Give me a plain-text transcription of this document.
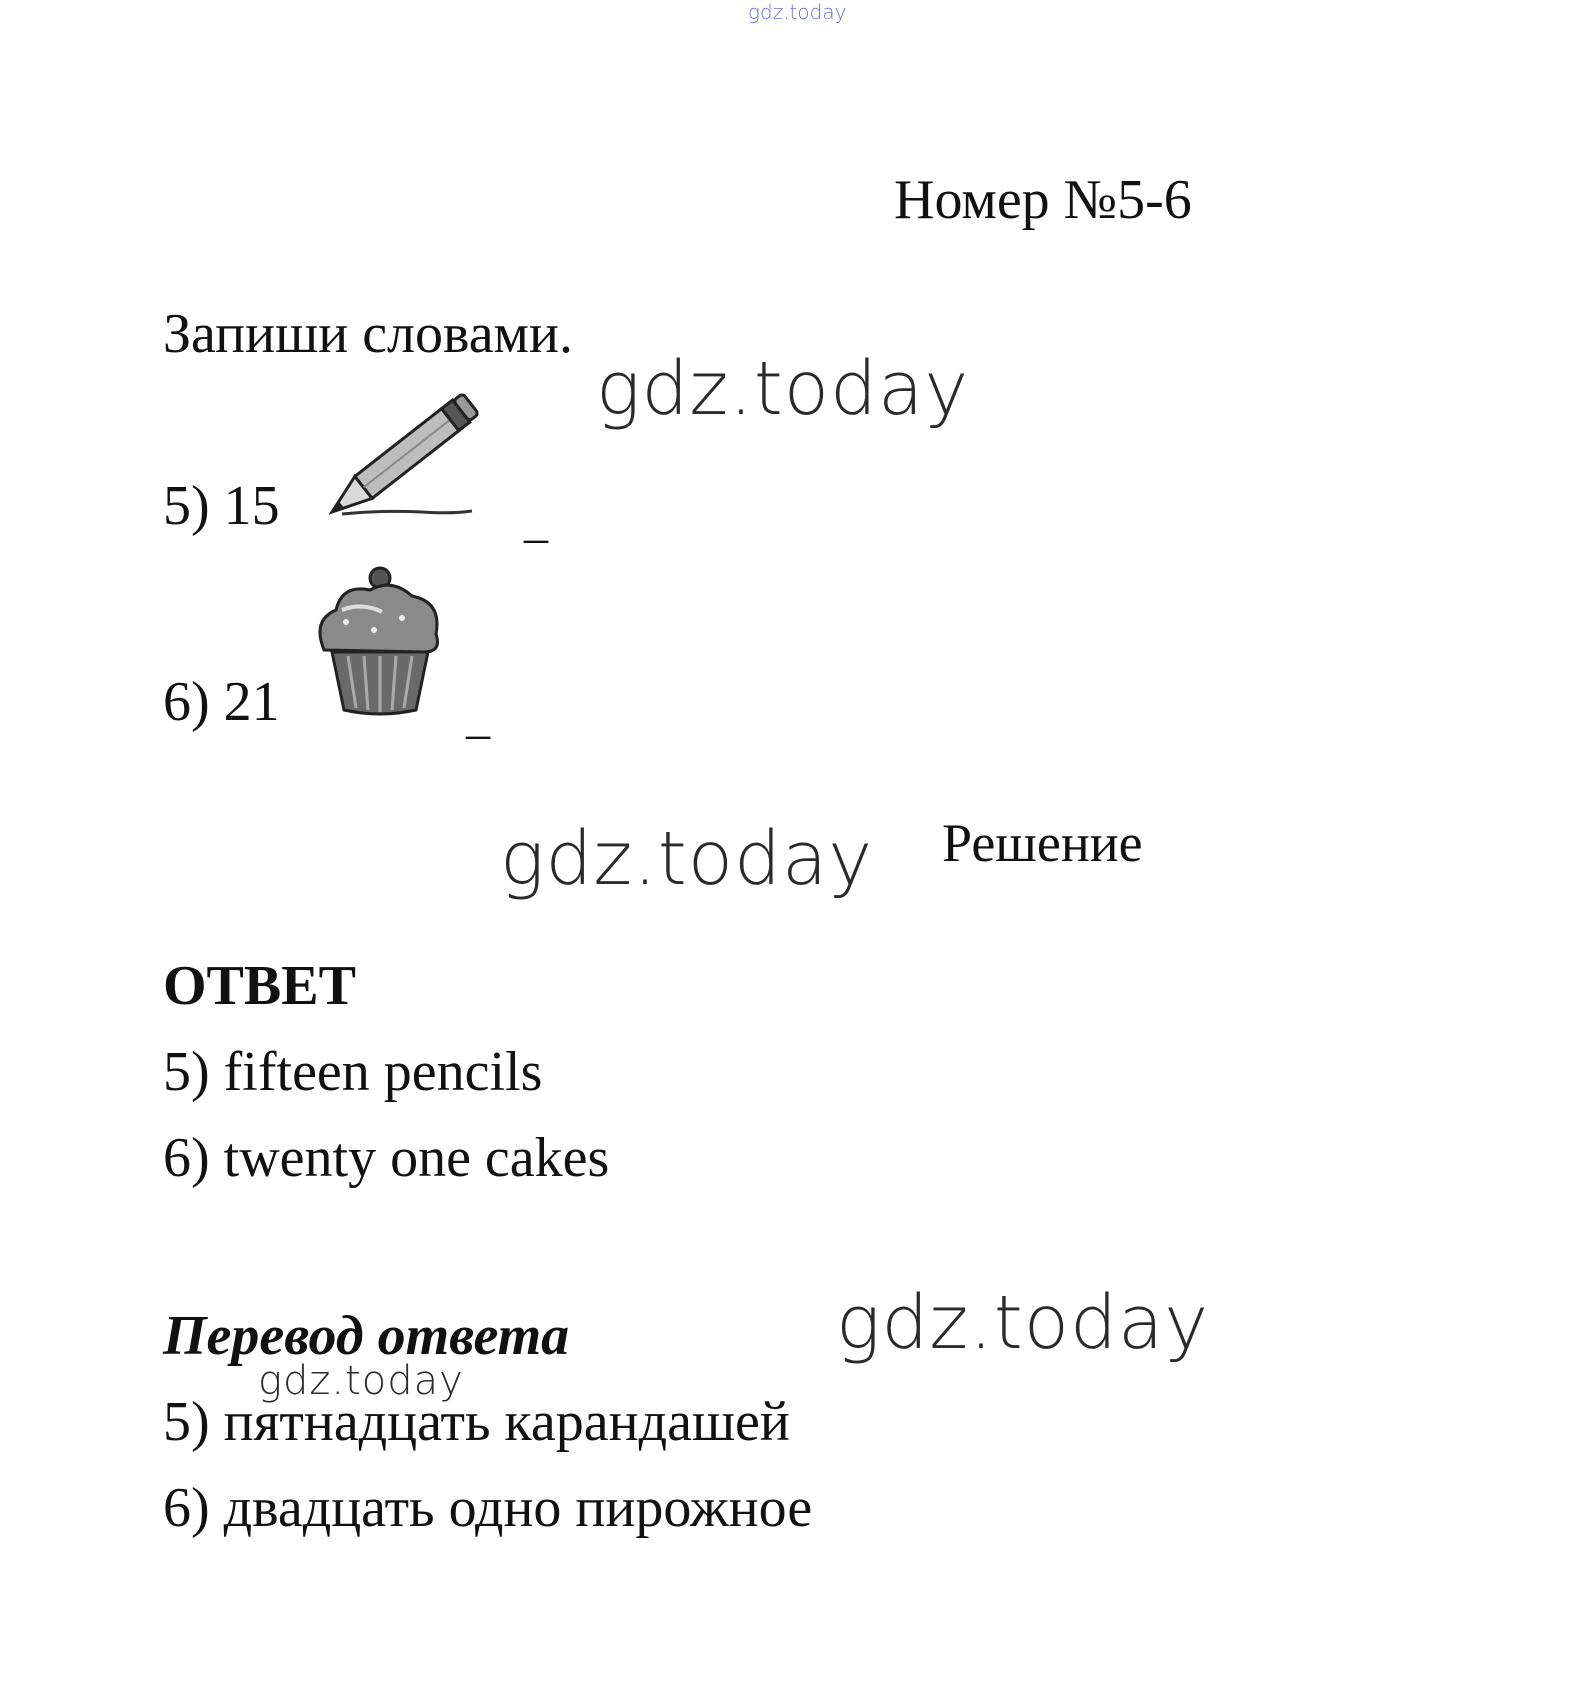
gdz.today
Номер №5-6
Запиши словами.
gdz.today
5) 15	_
6) 21	_
gdz.today Решение
ОТВЕТ
5) fifteen pencils
6) twenty one cakes
Перевод ответа	gdz.today
gdz.today
5) пятнадцать карандашей
6) двадцать одно пирожное
